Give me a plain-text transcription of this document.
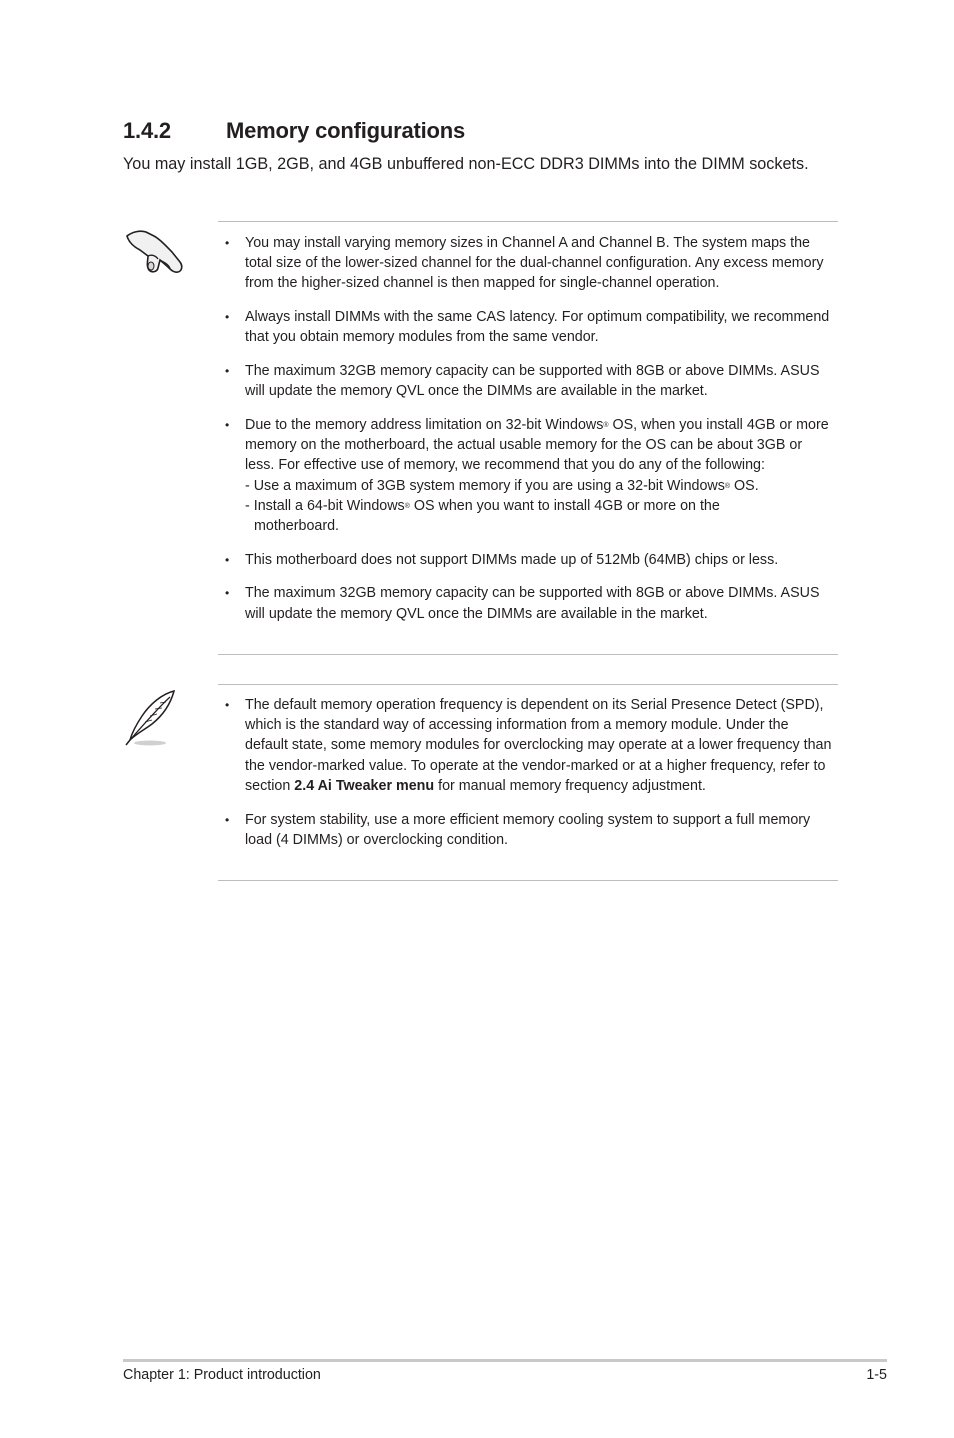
1.4.2	Memory configurations
You may install 1GB, 2GB, and 4GB unbuffered non-ECC DDR3 DIMMs into the DIMM sockets.
• You may install varying memory sizes in Channel A and Channel B. The system maps the total size of the lower-sized channel for the dual-channel configuration. Any excess memory from the higher-sized channel is then mapped for single-channel operation.
• Always install DIMMs with the same CAS latency. For optimum compatibility, we recommend that you obtain memory modules from the same vendor.
• The maximum 32GB memory capacity can be supported with 8GB or above DIMMs. ASUS will update the memory QVL once the DIMMs are available in the market.
• Due to the memory address limitation on 32-bit Windows® OS, when you install 4GB or more memory on the motherboard, the actual usable memory for the OS can be about 3GB or less. For effective use of memory, we recommend that you do any of the following:
- Use a maximum of 3GB system memory if you are using a 32-bit Windows® OS.
- Install a 64-bit Windows® OS when you want to install 4GB or more on the
motherboard.
• This motherboard does not support DIMMs made up of 512Mb (64MB) chips or less.
• The maximum 32GB memory capacity can be supported with 8GB or above DIMMs. ASUS will update the memory QVL once the DIMMs are available in the market.
• The default memory operation frequency is dependent on its Serial Presence Detect (SPD), which is the standard way of accessing information from a memory module. Under the default state, some memory modules for overclocking may operate at a lower frequency than the vendor-marked value. To operate at the vendor-marked or at a higher frequency, refer to section 2.4 Ai Tweaker menu for manual memory frequency adjustment.
• For system stability, use a more efficient memory cooling system to support a full memory load (4 DIMMs) or overclocking condition.
Chapter 1: Product introduction	1-5
